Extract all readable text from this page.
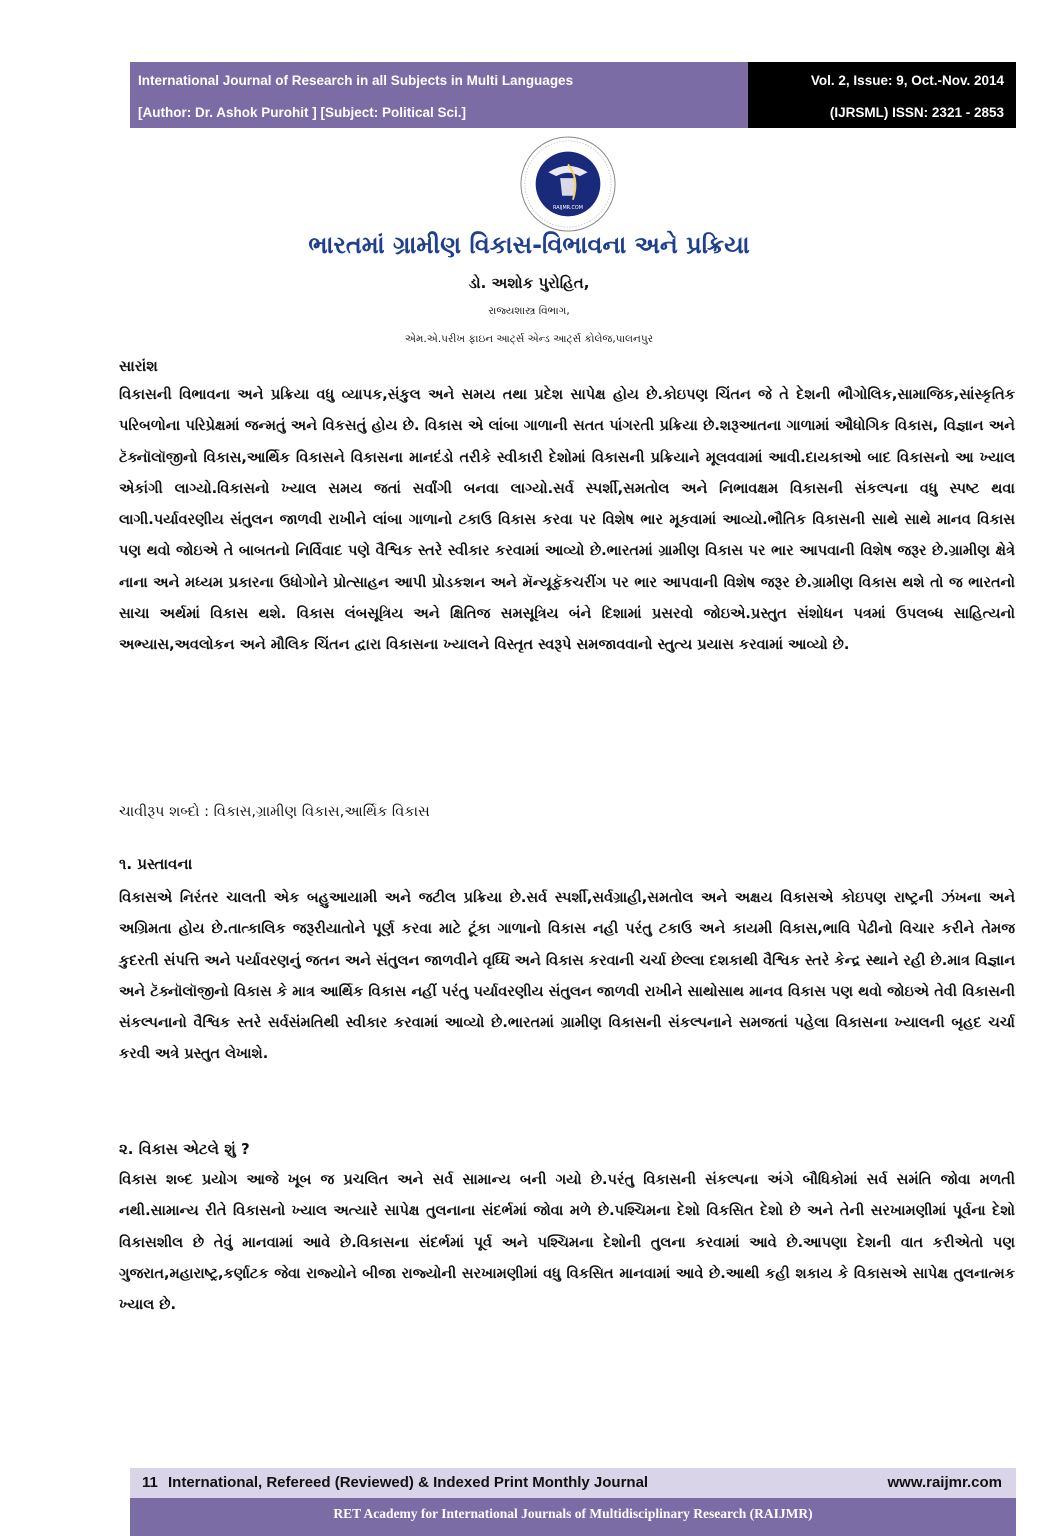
International Journal of Research in all Subjects in Multi Languages
[Author: Dr. Ashok Purohit ] [Subject: Political Sci.]
Vol. 2, Issue: 9, Oct.-Nov. 2014
(IJRSML) ISSN: 2321 - 2853
RAIJMR.COM
ભારતમાં ગ્રામીણ વિકાસ-વિભાવના અને પ્રક્રિયા
ડો. અશોક પુરોહિત,
રાજ્યશાસ્ત્ર વિભાગ,
એમ.એ.પરીખ ફાઇન આર્ટ્સ એન્ડ આર્ટ્સ કોલેજ,પાલનપુર
સારાંશ
વિકાસની વિભાવના અને પ્રક્રિયા વધુ વ્યાપક,સંકુલ અને સમય તથા પ્રદેશ સાપેક્ષ હોય છે.કોઇપણ ચિંતન જે તે દેશની ભૌગોલિક,સામાજિક,સાંસ્કૃતિક પરિબળોના પરિપ્રેક્ષમાં જન્મતું અને વિકસતું હોય છે. વિકાસ એ લાંબા ગાળાની સતત પાંગરતી પ્રક્રિયા છે.શરૂઆતના ગાળામાં ઔધોગિક વિકાસ, વિજ્ઞાન અને ટૅક્નૉલૉજીનો વિકાસ,આર્થિક વિકાસને વિકાસના માનદંડો તરીકે સ્વીકારી દેશોમાં વિકાસની પ્રક્રિયાને મૂલવવામાં આવી.દાયકાઓ બાદ વિકાસનો આ ખ્યાલ એકાંગી લાગ્યો.વિકાસનો ખ્યાલ સમય જતાં સર્વાંગી બનવા લાગ્યો.સર્વ સ્પર્શી,સમતોલ અને નિભાવક્ષમ વિકાસની સંકલ્પના વધુ સ્પષ્ટ થવા લાગી.પર્યાવરણીય સંતુલન જાળવી રાખીને લાંબા ગાળાનો ટકાઉ વિકાસ કરવા પર વિશેષ ભાર મૂકવામાં આવ્યો.ભૌતિક વિકાસની સાથે સાથે માનવ વિકાસ પણ થવો જોઇએ તે બાબતનો નિર્વિવાદ પણે વૈશ્વિક સ્તરે સ્વીકાર કરવામાં આવ્યો છે.ભારતમાં ગ્રામીણ વિકાસ પર ભાર આપવાની વિશેષ જરૂર છે.ગ્રામીણ ક્ષેત્રે નાના અને મધ્યમ પ્રકારના ઉધોગોને પ્રોત્સાહન આપી પ્રોડકશન અને મૅન્યૂફૅકચરીંગ પર ભાર આપવાની વિશેષ જરૂર છે.ગ્રામીણ વિકાસ થશે તો જ ભારતનો સાચા અર્થમાં વિકાસ થશે. વિકાસ લંબસૂત્રિય અને ક્ષિતિજ સમસૂત્રિય બંને દિશામાં પ્રસરવો જોઇએ.પ્રસ્તુત સંશોધન પત્રમાં ઉપલબ્ધ સાહિત્યનો અભ્યાસ,અવલોકન અને મૌલિક ચિંતન દ્વારા વિકાસના ખ્યાલને વિસ્તૃત સ્વરૂપે સમજાવવાનો સ્તુત્ય પ્રયાસ કરવામાં આવ્યો છે.
ચાવીરૂપ શબ્દો : વિકાસ,ગ્રામીણ વિકાસ,આર્થિક વિકાસ
૧. પ્રસ્તાવના
વિકાસએ નિરંતર ચાલતી એક બહુઆયામી અને જટીલ પ્રક્રિયા છે.સર્વ સ્પર્શી,સર્વગ્રાહી,સમતોલ અને અક્ષય વિકાસએ કોઇપણ રાષ્ટ્રની ઝંખના અને અગ્રિમતા હોય છે.તાત્કાલિક જરૂરીયાતોને પૂર્ણ કરવા માટે ટૂંકા ગાળાનો વિકાસ નહી પરંતુ ટકાઉ અને કાયમી વિકાસ,ભાવિ પેઢીનો વિચાર કરીને તેમજ કુદરતી સંપત્તિ અને પર્યાવરણનું જતન અને સંતુલન જાળવીને વૃધ્ધિ અને વિકાસ કરવાની ચર્ચા છેલ્લા દશકાથી વૈશ્વિક સ્તરે કેન્દ્ર સ્થાને રહી છે.માત્ર વિજ્ઞાન અને ટૅક્નૉલૉજીનો વિકાસ કે માત્ર આર્થિક વિકાસ નહીં પરંતુ પર્યાવરણીય સંતુલન જાળવી રાખીને સાથોસાથ માનવ વિકાસ પણ થવો જોઇએ તેવી વિકાસની સંકલ્પનાનો વૈશ્વિક સ્તરે સર્વસંમતિથી સ્વીકાર કરવામાં આવ્યો છે.ભારતમાં ગ્રામીણ વિકાસની સંકલ્પનાને સમજતાં પહેલા વિકાસના ખ્યાલની બૃહદ ચર્ચા કરવી અત્રે પ્રસ્તુત લેખાશે.
૨. વિકાસ એટલે શું ?
વિકાસ શબ્દ પ્રયોગ આજે ખૂબ જ પ્રચલિત અને સર્વ સામાન્ય બની ગયો છે.પરંતુ વિકાસની સંકલ્પના અંગે બૌધિકોમાં સર્વ સમંતિ જોવા મળતી નથી.સામાન્ય રીતે વિકાસનો ખ્યાલ અત્યારે સાપેક્ષ તુલનાના સંદર્ભમાં જોવા મળે છે.પશ્ચિમના દેશો વિકસિત દેશો છે અને તેની સરખામણીમાં પૂર્વના દેશો વિકાસશીલ છે તેવું માનવામાં આવે છે.વિકાસના સંદર્ભમાં પૂર્વ અને પશ્ચિમના દેશોની તુલના કરવામાં આવે છે.આપણા દેશની વાત કરીએતો પણ ગુજરાત,મહારાષ્ટ્ર,કર્ણાટક જેવા રાજ્યોને બીજા રાજ્યોની સરખામણીમાં વધુ વિકસિત માનવામાં આવે છે.આથી કહી શકાય કે વિકાસએ સાપેક્ષ તુલનાત્મક ખ્યાલ છે.
11 International, Refereed (Reviewed) & Indexed Print Monthly Journal	www.raijmr.com
RET Academy for International Journals of Multidisciplinary Research (RAIJMR)
